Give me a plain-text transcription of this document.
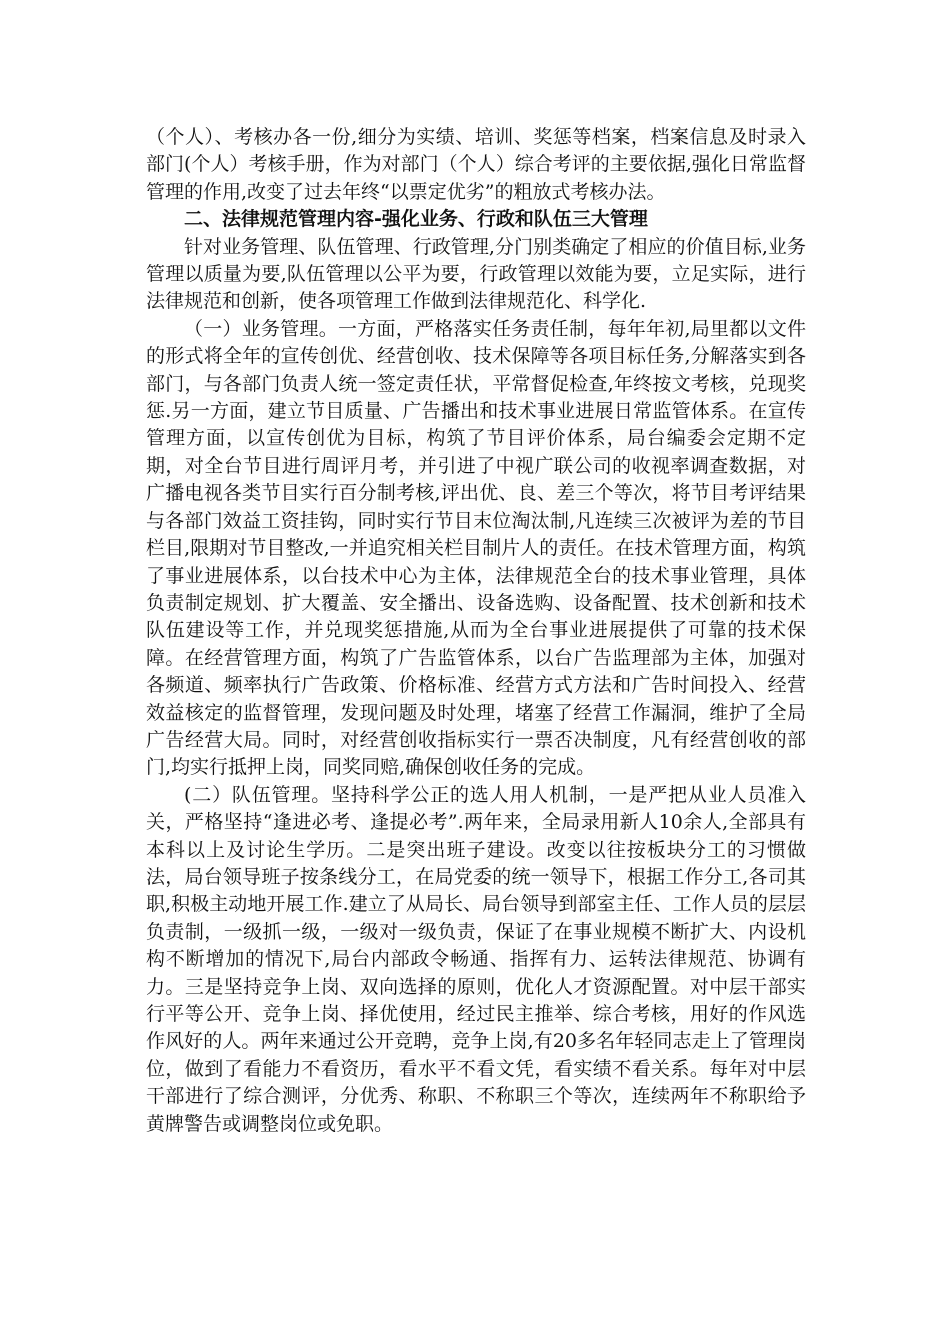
（个人）、考核办各一份,细分为实绩、培训、奖惩等档案，档案信息及时录入部门(个人）考核手册，作为对部门（个人）综合考评的主要依据,强化日常监督管理的作用,改变了过去年终“以票定优劣”的粗放式考核办法。

二、法律规范管理内容-强化业务、行政和队伍三大管理

针对业务管理、队伍管理、行政管理,分门别类确定了相应的价值目标,业务管理以质量为要,队伍管理以公平为要，行政管理以效能为要，立足实际，进行法律规范和创新，使各项管理工作做到法律规范化、科学化.

（一）业务管理。一方面，严格落实任务责任制，每年年初,局里都以文件的形式将全年的宣传创优、经营创收、技术保障等各项目标任务,分解落实到各部门，与各部门负责人统一签定责任状，平常督促检查,年终按文考核，兑现奖惩.另一方面，建立节目质量、广告播出和技术事业进展日常监管体系。在宣传管理方面，以宣传创优为目标，构筑了节目评价体系，局台编委会定期不定期，对全台节目进行周评月考，并引进了中视广联公司的收视率调查数据，对广播电视各类节目实行百分制考核,评出优、良、差三个等次，将节目考评结果与各部门效益工资挂钩，同时实行节目末位淘汰制,凡连续三次被评为差的节目栏目,限期对节目整改,一并追究相关栏目制片人的责任。在技术管理方面，构筑了事业进展体系，以台技术中心为主体，法律规范全台的技术事业管理，具体负责制定规划、扩大覆盖、安全播出、设备选购、设备配置、技术创新和技术队伍建设等工作，并兑现奖惩措施,从而为全台事业进展提供了可靠的技术保障。在经营管理方面，构筑了广告监管体系，以台广告监理部为主体，加强对各频道、频率执行广告政策、价格标准、经营方式方法和广告时间投入、经营效益核定的监督管理，发现问题及时处理，堵塞了经营工作漏洞，维护了全局广告经营大局。同时，对经营创收指标实行一票否决制度，凡有经营创收的部门,均实行抵押上岗，同奖同赔,确保创收任务的完成。

(二）队伍管理。坚持科学公正的选人用人机制，一是严把从业人员准入关，严格坚持“逢进必考、逢提必考”.两年来，全局录用新人10余人,全部具有本科以上及讨论生学历。二是突出班子建设。改变以往按板块分工的习惯做法，局台领导班子按条线分工，在局党委的统一领导下，根据工作分工,各司其职,积极主动地开展工作.建立了从局长、局台领导到部室主任、工作人员的层层负责制，一级抓一级，一级对一级负责，保证了在事业规模不断扩大、内设机构不断增加的情况下,局台内部政令畅通、指挥有力、运转法律规范、协调有力。三是坚持竞争上岗、双向选择的原则，优化人才资源配置。对中层干部实行平等公开、竞争上岗、择优使用，经过民主推举、综合考核，用好的作风选作风好的人。两年来通过公开竞聘，竞争上岗,有20多名年轻同志走上了管理岗位，做到了看能力不看资历，看水平不看文凭，看实绩不看关系。每年对中层干部进行了综合测评，分优秀、称职、不称职三个等次，连续两年不称职给予黄牌警告或调整岗位或免职。
